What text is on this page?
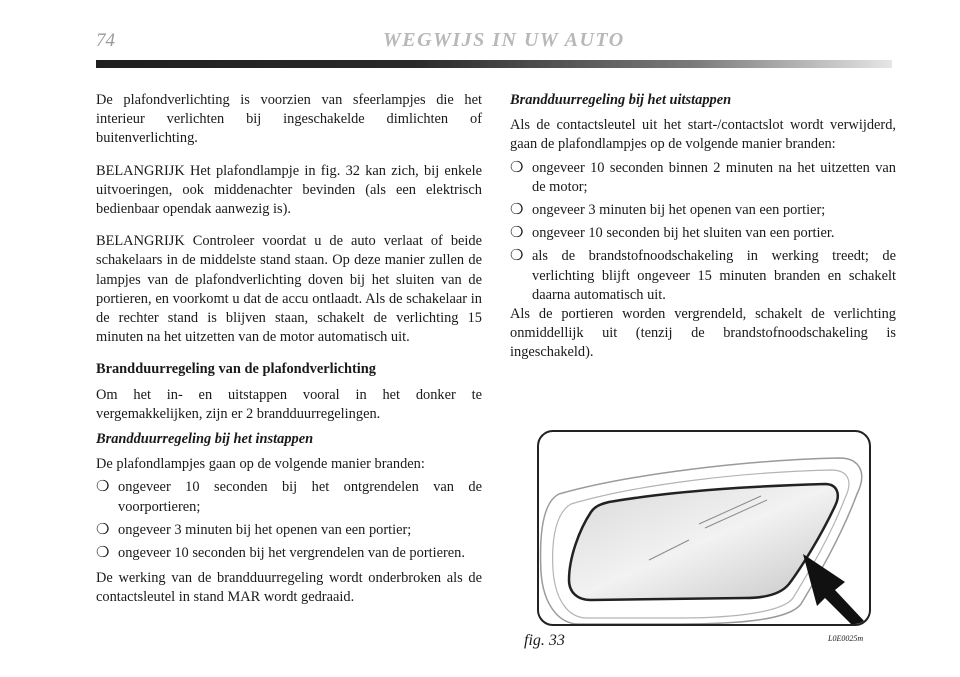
74	WEGWIJS IN UW AUTO

De plafondverlichting is voorzien van sfeerlampjes die het interieur verlichten bij ingeschakelde dimlichten of buitenverlichting.

BELANGRIJK Het plafondlampje in fig. 32 kan zich, bij enkele uitvoeringen, ook middenachter bevinden (als een elektrisch bedienbaar opendak aanwezig is).

BELANGRIJK Controleer voordat u de auto verlaat of beide schakelaars in de middelste stand staan. Op deze manier zullen de lampjes van de plafondverlichting doven bij het sluiten van de portieren, en voorkomt u dat de accu ontlaadt. Als de schakelaar in de rechter stand is blijven staan, schakelt de verlichting 15 minuten na het uitzetten van de motor automatisch uit.

Brandduurregeling van de plafondverlichting

Om het in- en uitstappen vooral in het donker te vergemakkelijken, zijn er 2 brandduurregelingen.

Brandduurregeling bij het instappen

De plafondlampjes gaan op de volgende manier branden:

❍ ongeveer 10 seconden bij het ontgrendelen van de voorportieren;
❍ ongeveer 3 minuten bij het openen van een portier;
❍ ongeveer 10 seconden bij het vergrendelen van de portieren.

De werking van de brandduurregeling wordt onderbroken als de contactsleutel in stand MAR wordt gedraaid.

Brandduurregeling bij het uitstappen

Als de contactsleutel uit het start-/contactslot wordt verwijderd, gaan de plafondlampjes op de volgende manier branden:

❍ ongeveer 10 seconden binnen 2 minuten na het uitzetten van de motor;
❍ ongeveer 3 minuten bij het openen van een portier;
❍ ongeveer 10 seconden bij het sluiten van een portier.
❍ als de brandstofnoodschakeling in werking treedt; de verlichting blijft ongeveer 15 minuten branden en schakelt daarna automatisch uit.

Als de portieren worden vergrendeld, schakelt de verlichting onmiddellijk uit (tenzij de brandstofnoodschakeling is ingeschakeld).

fig. 33	L0E0025m
